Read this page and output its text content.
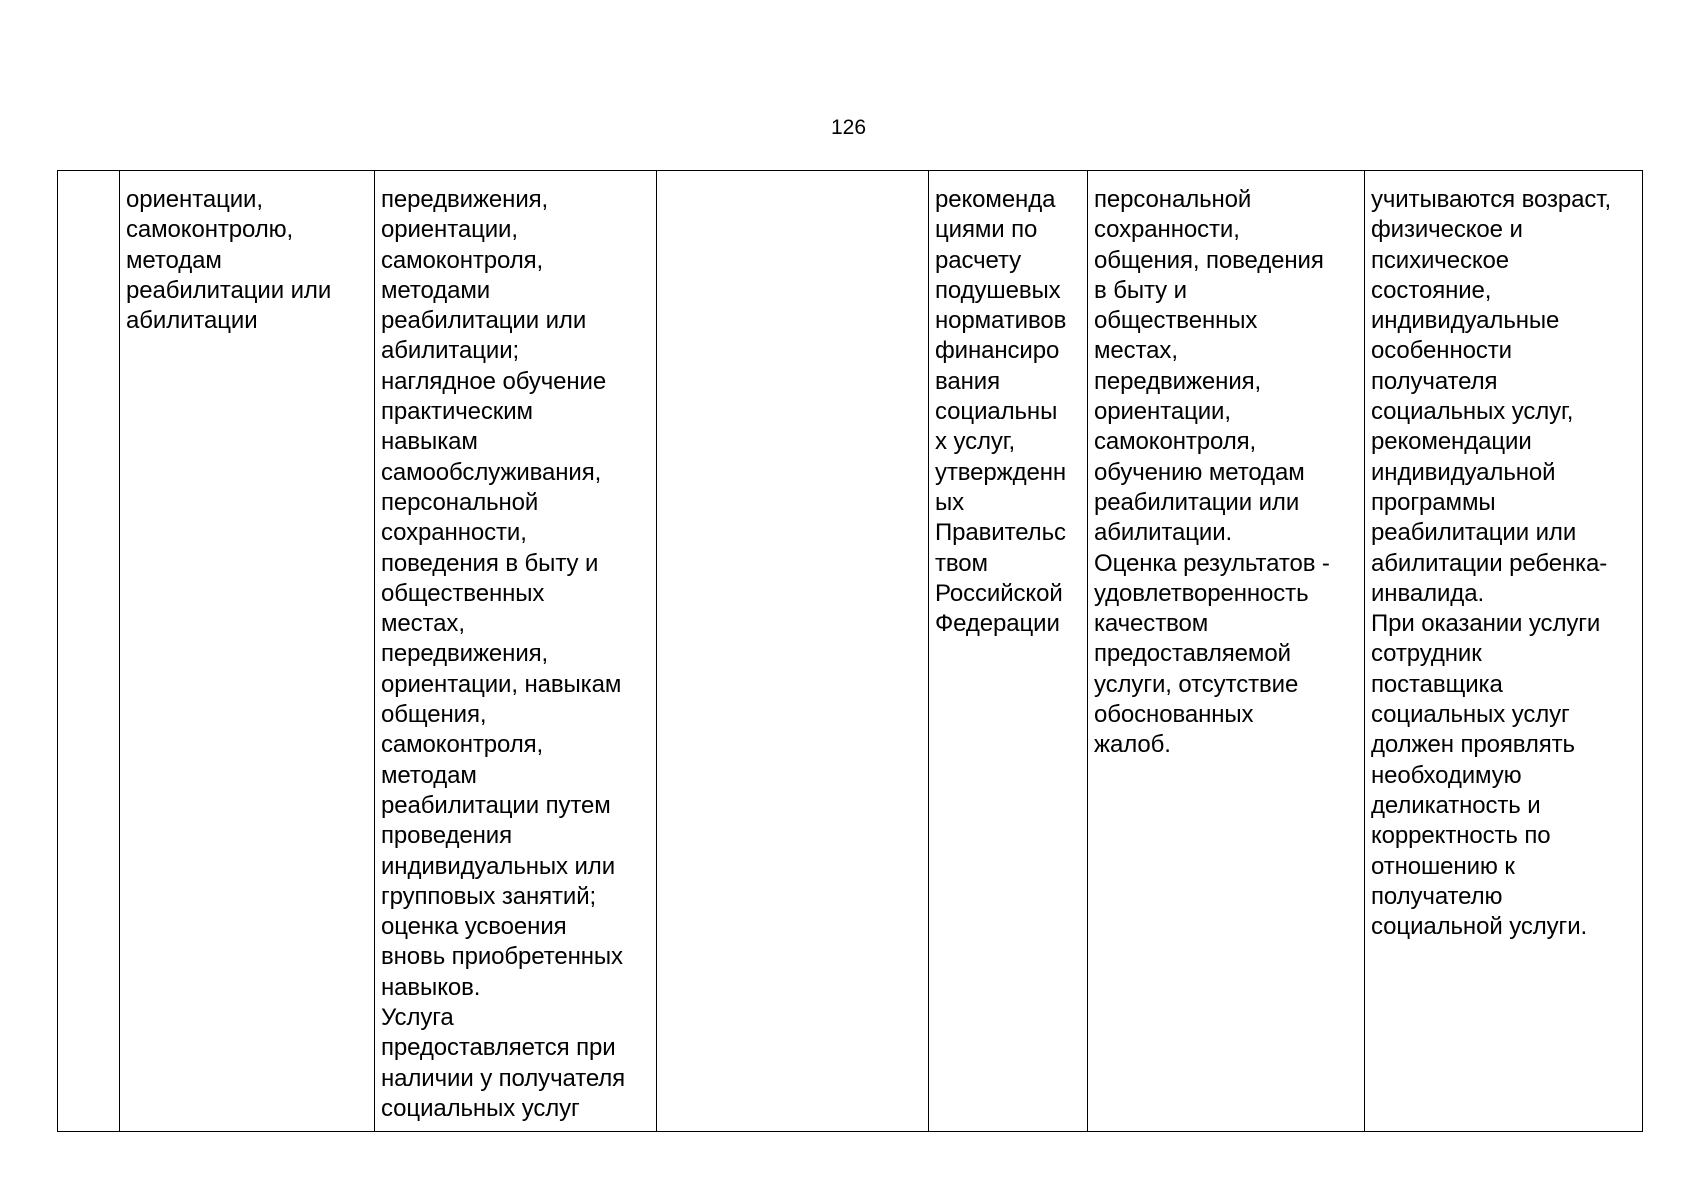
126
	ориентации,
самоконтролю,
методам
реабилитации или
абилитации	передвижения,
ориентации,
самоконтроля,
методами
реабилитации или
абилитации;
наглядное обучение
практическим
навыкам
самообслуживания,
персональной
сохранности,
поведения в быту и
общественных
местах,
передвижения,
ориентации, навыкам
общения,
самоконтроля,
методам
реабилитации путем
проведения
индивидуальных или
групповых занятий;
оценка усвоения
вновь приобретенных
навыков.
Услуга
предоставляется при
наличии у получателя
социальных услуг		рекоменда
циями по
расчету
подушевых
нормативов
финансиро
вания
социальны
х услуг,
утвержденн
ых
Правительс
твом
Российской
Федерации	персональной
сохранности,
общения, поведения
в быту и
общественных
местах,
передвижения,
ориентации,
самоконтроля,
обучению методам
реабилитации или
абилитации.
Оценка результатов -
удовлетворенность
качеством
предоставляемой
услуги, отсутствие
обоснованных
жалоб.	учитываются возраст,
физическое и
психическое
состояние,
индивидуальные
особенности
получателя
социальных услуг,
рекомендации
индивидуальной
программы
реабилитации или
абилитации ребенка-
инвалида.
При оказании услуги
сотрудник
поставщика
социальных услуг
должен проявлять
необходимую
деликатность и
корректность по
отношению к
получателю
социальной услуги.
